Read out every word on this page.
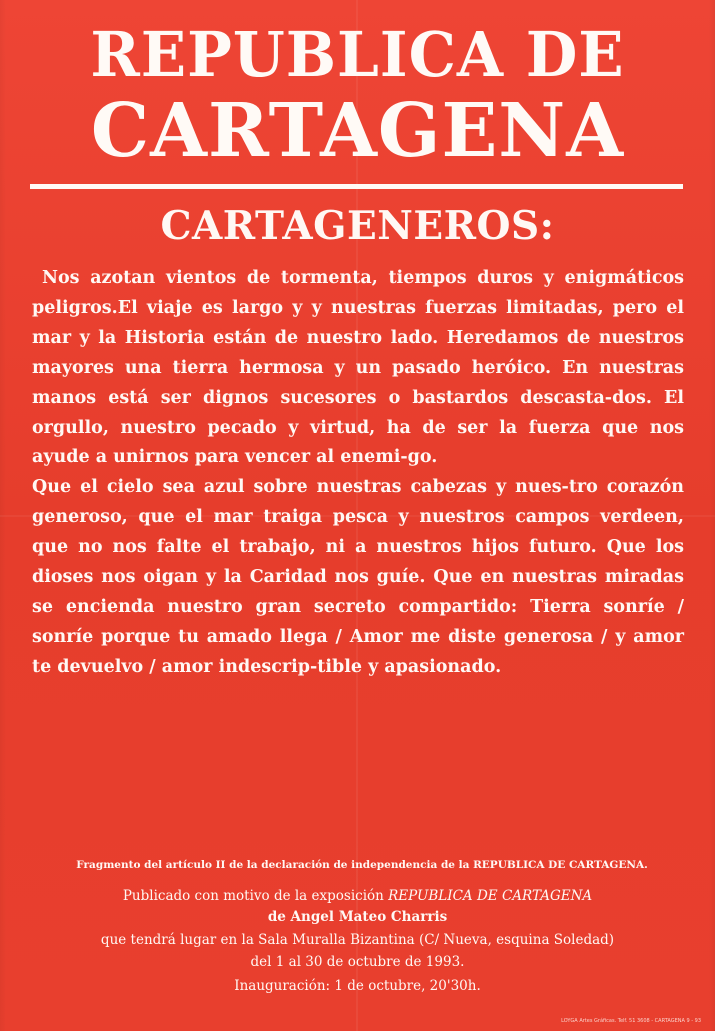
REPUBLICA DE
CARTAGENA
CARTAGENEROS:

Nos azotan vientos de tormenta, tiempos duros y enigmáticos peligros.El viaje es largo y y nuestras fuerzas limitadas, pero el mar y la Historia están de nuestro lado. Heredamos de nuestros mayores una tierra hermosa y un pasado heróico. En nuestras manos está ser dignos sucesores o bastardos descasta-dos. El orgullo, nuestro pecado y virtud, ha de ser la fuerza que nos ayude a unirnos para vencer al enemi-go.

Que el cielo sea azul sobre nuestras cabezas y nues-tro corazón generoso, que el mar traiga pesca y nuestros campos verdeen, que no nos falte el trabajo, ni a nuestros hijos futuro. Que los dioses nos oigan y la Caridad nos guíe. Que en nuestras miradas se encienda nuestro gran secreto compartido: Tierra sonríe / sonríe porque tu amado llega / Amor me diste generosa / y amor te devuelvo / amor indescrip-tible y apasionado.

Fragmento del artículo II de la declaración de independencia de la REPUBLICA DE CARTAGENA.
Publicado con motivo de la exposición REPUBLICA DE CARTAGENA
de Angel Mateo Charris
que tendrá lugar en la Sala Muralla Bizantina (C/ Nueva, esquina Soledad)
del 1 al 30 de octubre de 1993.
Inauguración: 1 de octubre, 20'30h.
LOYGA Artes Gráficas. Telf. 51 3608 - CARTAGENA 9 - 93
